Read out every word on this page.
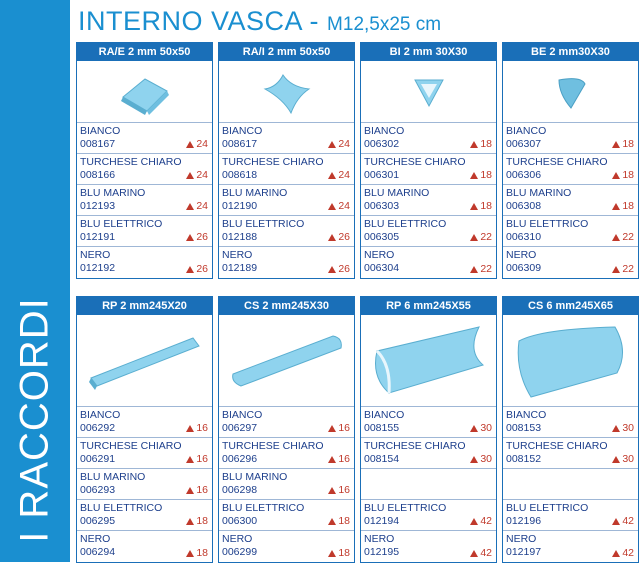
I RACCORDI
INTERNO VASCA - M12,5x25 cm
RA/E 2 mm 50x50
BIANCO
008167	24
TURCHESE CHIARO
008166	24
BLU MARINO
012193	24
BLU ELETTRICO
012191	26
NERO
012192	26
RA/I 2 mm 50x50
BIANCO
008617	24
TURCHESE CHIARO
008618	24
BLU MARINO
012190	24
BLU ELETTRICO
012188	26
NERO
012189	26
BI 2 mm 30X30
BIANCO
006302	18
TURCHESE CHIARO
006301	18
BLU MARINO
006303	18
BLU ELETTRICO
006305	22
NERO
006304	22
BE 2 mm30X30
BIANCO
006307	18
TURCHESE CHIARO
006306	18
BLU MARINO
006308	18
BLU ELETTRICO
006310	22
NERO
006309	22
RP 2 mm245X20
BIANCO
006292	16
TURCHESE CHIARO
006291	16
BLU MARINO
006293	16
BLU ELETTRICO
006295	18
NERO
006294	18
CS 2 mm245X30
BIANCO
006297	16
TURCHESE CHIARO
006296	16
BLU MARINO
006298	16
BLU ELETTRICO
006300	18
NERO
006299	18
RP 6 mm245X55
BIANCO
008155	30
TURCHESE CHIARO
008154	30
BLU ELETTRICO
012194	42
NERO
012195	42
CS 6 mm245X65
BIANCO
008153	30
TURCHESE CHIARO
008152	30
BLU ELETTRICO
012196	42
NERO
012197	42
